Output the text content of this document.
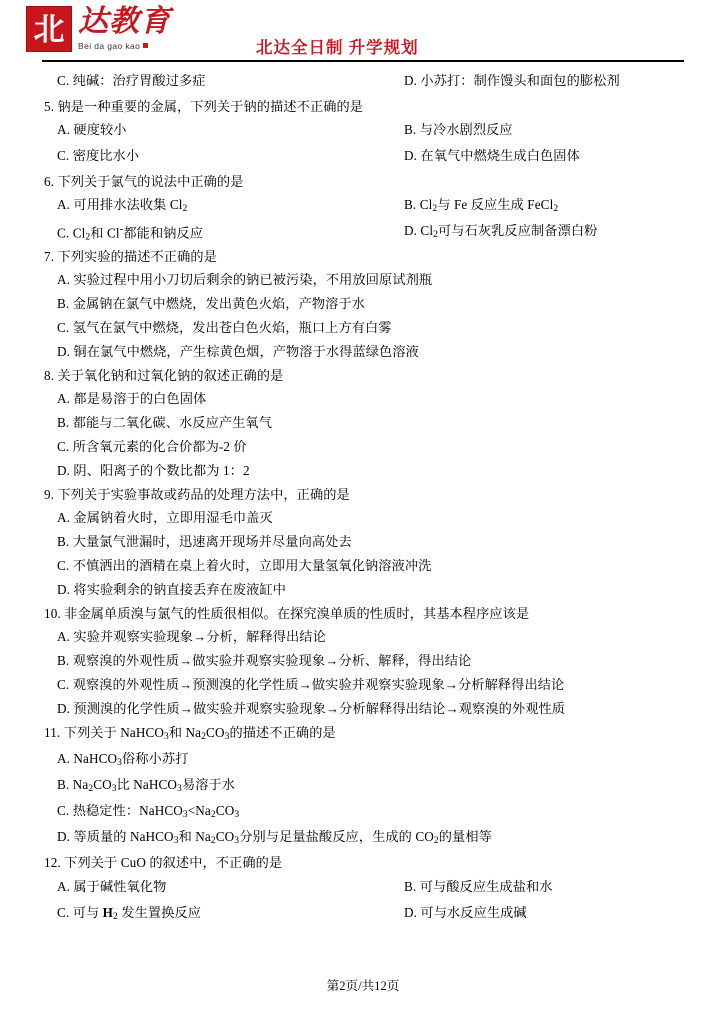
北 达教育
Bei da gao kao	北达全日制 升学规划
C. 纯碱：治疗胃酸过多症	D. 小苏打：制作馒头和面包的膨松剂
5. 钠是一种重要的金属，下列关于钠的描述不正确的是
A. 硬度较小	B. 与冷水剧烈反应
C. 密度比水小	D. 在氧气中燃烧生成白色固体
6. 下列关于氯气的说法中正确的是
A. 可用排水法收集 $Cl_2$	B. $Cl_2$与 Fe 反应生成 FeCl$_2$
C. $Cl_2$和 Cl-都能和钠反应	D. $Cl_2$可与石灰乳反应制备漂白粉
7. 下列实验的描述不正确的是
A. 实验过程中用小刀切后剩余的钠已被污染，不用放回原试剂瓶
B. 金属钠在氯气中燃烧，发出黄色火焰，产物溶于水
C. 氢气在氯气中燃烧，发出苍白色火焰，瓶口上方有白雾
D. 铜在氯气中燃烧，产生棕黄色烟，产物溶于水得蓝绿色溶液
8. 关于氧化钠和过氧化钠的叙述正确的是
A. 都是易溶于的白色固体
B. 都能与二氧化碳、水反应产生氧气
C. 所含氧元素的化合价都为-2 价
D. 阴、阳离子的个数比都为 1：2
9. 下列关于实验事故或药品的处理方法中，正确的是
A. 金属钠着火时，立即用湿毛巾盖灭
B. 大量氯气泄漏时，迅速离开现场并尽量向高处去
C. 不慎洒出的酒精在桌上着火时，立即用大量氢氧化钠溶液冲洗
D. 将实验剩余的钠直接丢弃在废液缸中
10. 非金属单质溴与氯气的性质很相似。在探究溴单质的性质时，其基本程序应该是
A. 实验并观察实验现象→分析，解释得出结论
B. 观察溴的外观性质→做实验并观察实验现象→分析、解释，得出结论
C. 观察溴的外观性质→预测溴的化学性质→做实验并观察实验现象→分析解释得出结论
D. 预测溴的化学性质→做实验并观察实验现象→分析解释得出结论→观察溴的外观性质
11. 下列关于 NaHCO$_3$和 $Na_2CO_3$的描述不正确的是
A. NaHCO$_3$俗称小苏打
B. $Na_2CO_3$比 NaHCO$_3$易溶于水
C. 热稳定性：$NaHCO_3<Na_2CO_3$
D. 等质量的 NaHCO$_3$和 $Na_2CO_3$分别与足量盐酸反应，生成的 $CO_2$的量相等
12. 下列关于 CuO 的叙述中，不正确的是
A. 属于碱性氧化物	B. 可与酸反应生成盐和水
C. 可与 $H_2$ 发生置换反应	D. 可与水反应生成碱
第2页/共12页
